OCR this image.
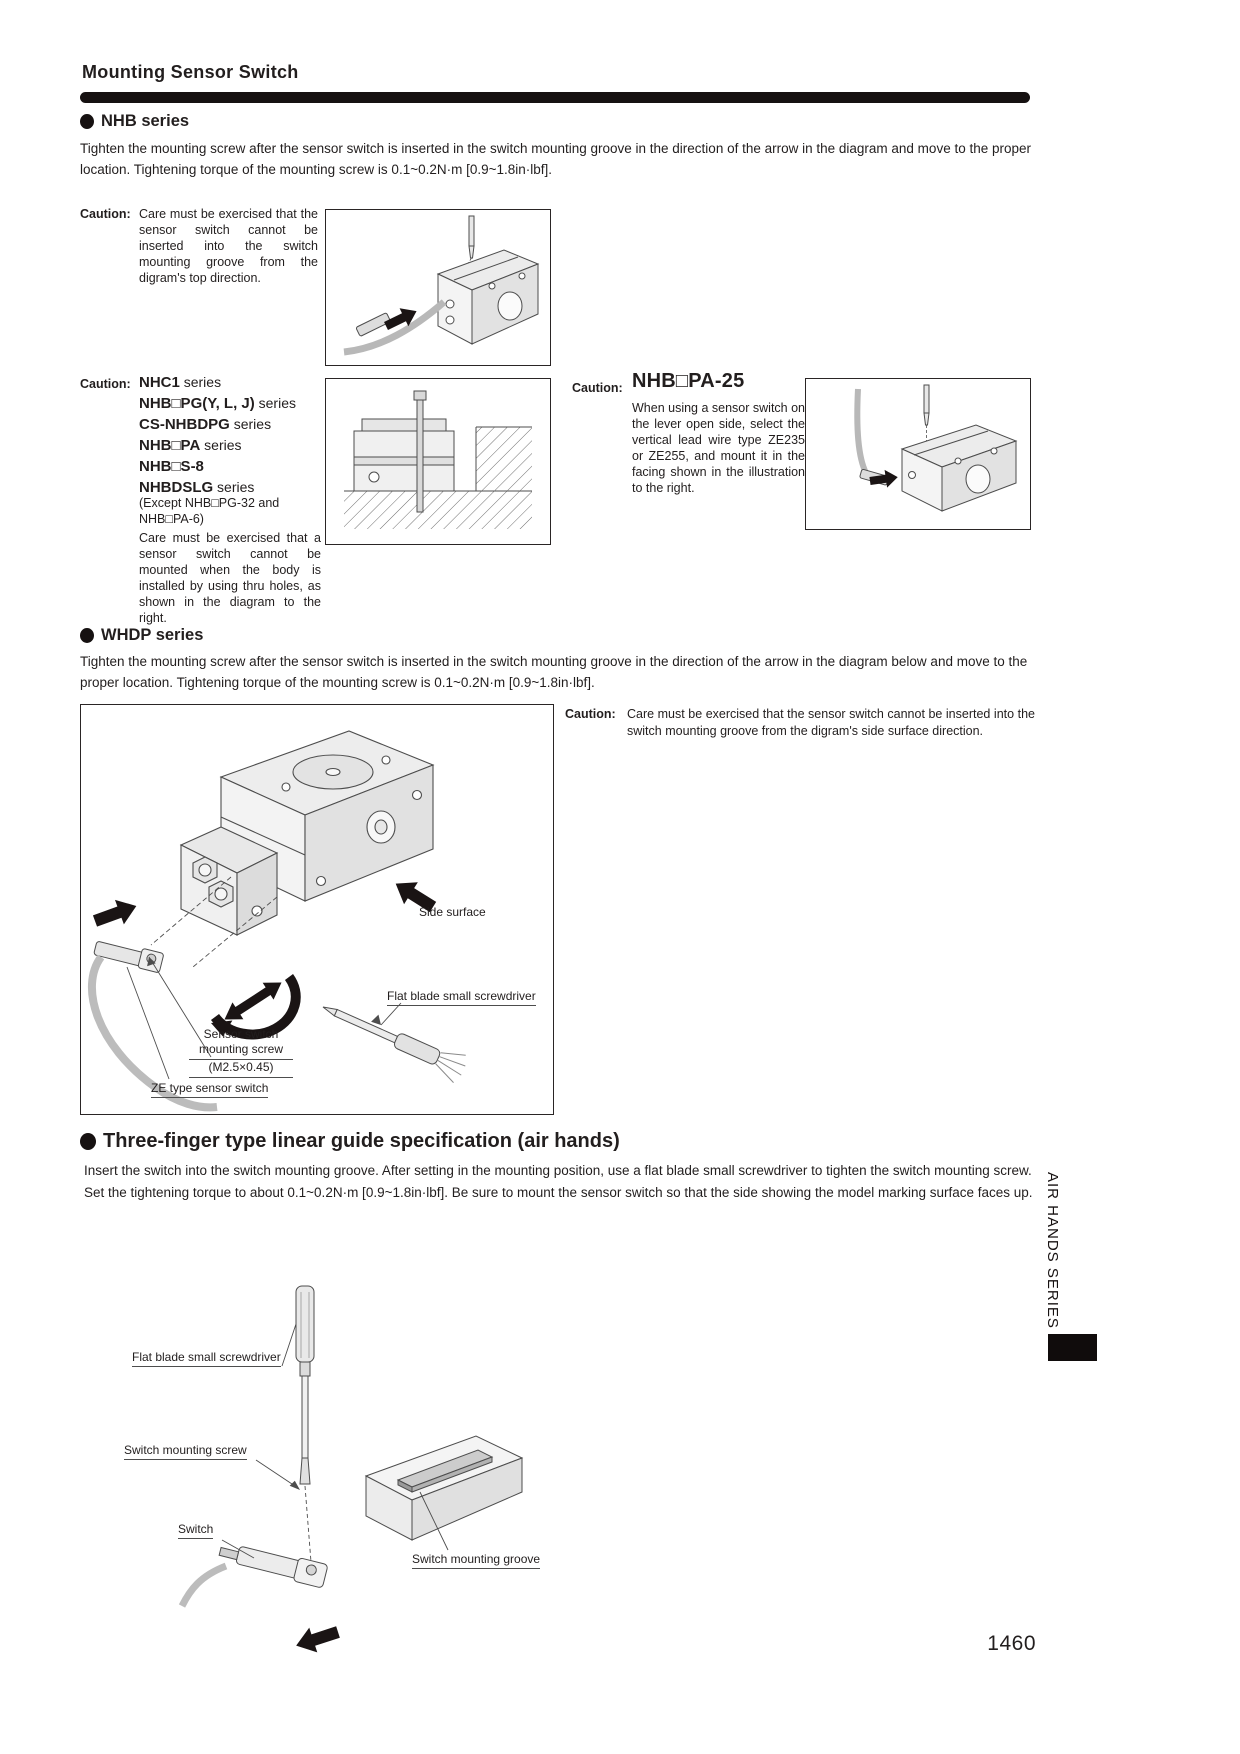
Mounting Sensor Switch
NHB series
Tighten the mounting screw after the sensor switch is inserted in the switch mounting groove in the direction of the arrow in the diagram and move to the proper location. Tightening torque of the mounting screw is 0.1~0.2N·m [0.9~1.8in·lbf].
Caution: Care must be exercised that the sensor switch cannot be inserted into the switch mounting groove from the digram's top direction.
Caution: NHC1 series
NHB□PG(Y, L, J) series
CS-NHBDPG series
NHB□PA series
NHB□S-8
NHBDSLG series
(Except NHB□PG-32 and NHB□PA-6)
Care must be exercised that a sensor switch cannot be mounted when the body is installed by using thru holes, as shown in the diagram to the right.
Caution: NHB□PA-25
When using a sensor switch on the lever open side, select the vertical lead wire type ZE235 or ZE255, and mount it in the facing shown in the illustration to the right.
WHDP series
Tighten the mounting screw after the sensor switch is inserted in the switch mounting groove in the direction of the arrow in the diagram below and move to the proper location. Tightening torque of the mounting screw is 0.1~0.2N·m [0.9~1.8in·lbf].
Caution: Care must be exercised that the sensor switch cannot be inserted into the switch mounting groove from the digram's side surface direction.
Side surface
Flat blade small screwdriver
Sensor switch
mounting screw
(M2.5×0.45)
ZE type sensor switch
Three-finger type linear guide specification (air hands)
Insert the switch into the switch mounting groove. After setting in the mounting position, use a flat blade small screwdriver to tighten the switch mounting screw. Set the tightening torque to about 0.1~0.2N·m [0.9~1.8in·lbf]. Be sure to mount the sensor switch so that the side showing the model marking surface faces up.
Flat blade small screwdriver
Switch mounting screw
Switch
Switch mounting groove
AIR HANDS SERIES
1460
